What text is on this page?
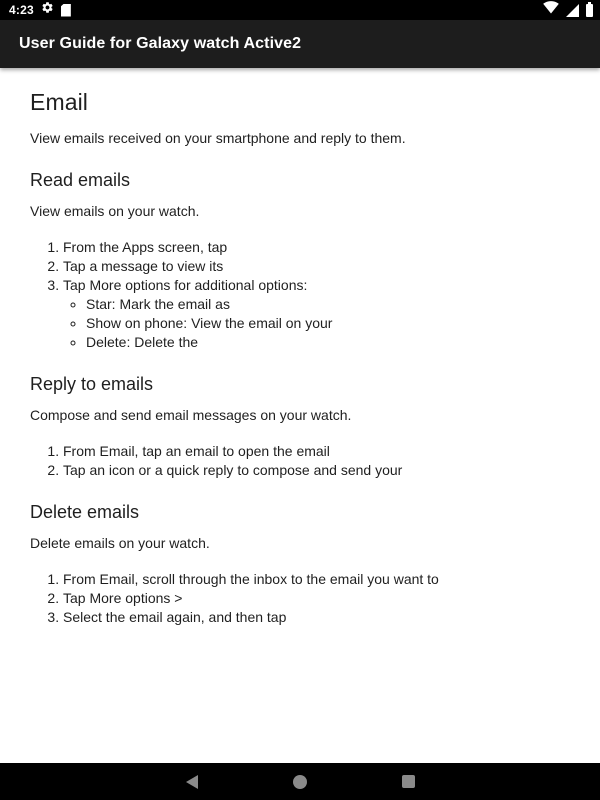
4:23
User Guide for Galaxy watch Active2
Email

View emails received on your smartphone and reply to them.

Read emails

View emails on your watch.

1. From the Apps screen, tap
2. Tap a message to view its
3. Tap More options for additional options:
◦ Star: Mark the email as
◦ Show on phone: View the email on your
◦ Delete: Delete the
Reply to emails

Compose and send email messages on your watch.

1. From Email, tap an email to open the email
2. Tap an icon or a quick reply to compose and send your
Delete emails

Delete emails on your watch.

1. From Email, scroll through the inbox to the email you want to
2. Tap More options >
3. Select the email again, and then tap
